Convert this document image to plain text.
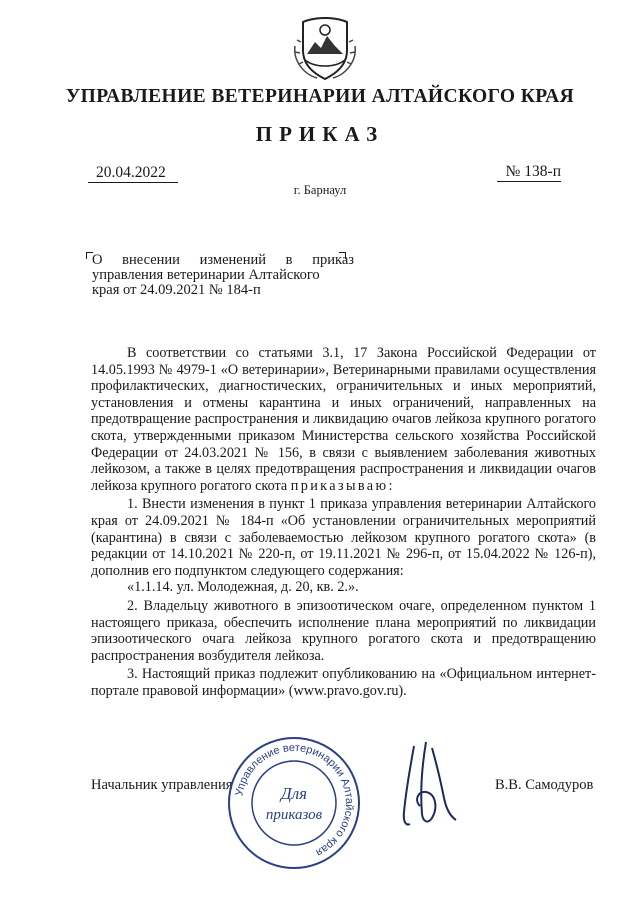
УПРАВЛЕНИЕ ВЕТЕРИНАРИИ АЛТАЙСКОГО КРАЯ
ПРИКАЗ
20.04.2022	№ 138-п
г. Барнаул
О внесении изменений в приказ
управления ветеринарии Алтайского
края от 24.09.2021 № 184-п

В соответствии со статьями 3.1, 17 Закона Российской Федерации от 14.05.1993 № 4979-1 «О ветеринарии», Ветеринарными правилами осуществления профилактических, диагностических, ограничительных и иных мероприятий, установления и отмены карантина и иных ограничений, направленных на предотвращение распространения и ликвидацию очагов лейкоза крупного рогатого скота, утвержденными приказом Министерства сельского хозяйства Российской Федерации от 24.03.2021 № 156, в связи с выявлением заболевания животных лейкозом, а также в целях предотвращения распространения и ликвидации очагов лейкоза крупного рогатого скота приказываю:

1. Внести изменения в пункт 1 приказа управления ветеринарии Алтайского края от 24.09.2021 № 184-п «Об установлении ограничительных мероприятий (карантина) в связи с заболеваемостью лейкозом крупного рогатого скота» (в редакции от 14.10.2021 № 220-п, от 19.11.2021 № 296-п, от 15.04.2022 № 126-п), дополнив его подпунктом следующего содержания:

«1.1.14. ул. Молодежная, д. 20, кв. 2.».

2. Владельцу животного в эпизоотическом очаге, определенном пунктом 1 настоящего приказа, обеспечить исполнение плана мероприятий по ликвидации эпизоотического очага лейкоза крупного рогатого скота и предотвращению распространения возбудителя лейкоза.

3. Настоящий приказ подлежит опубликованию на «Официальном интернет-портале правовой информации» (www.pravo.gov.ru).

Начальник управления	В.В. Самодуров
Управление ветеринарии Алтайского края
Для
приказов
